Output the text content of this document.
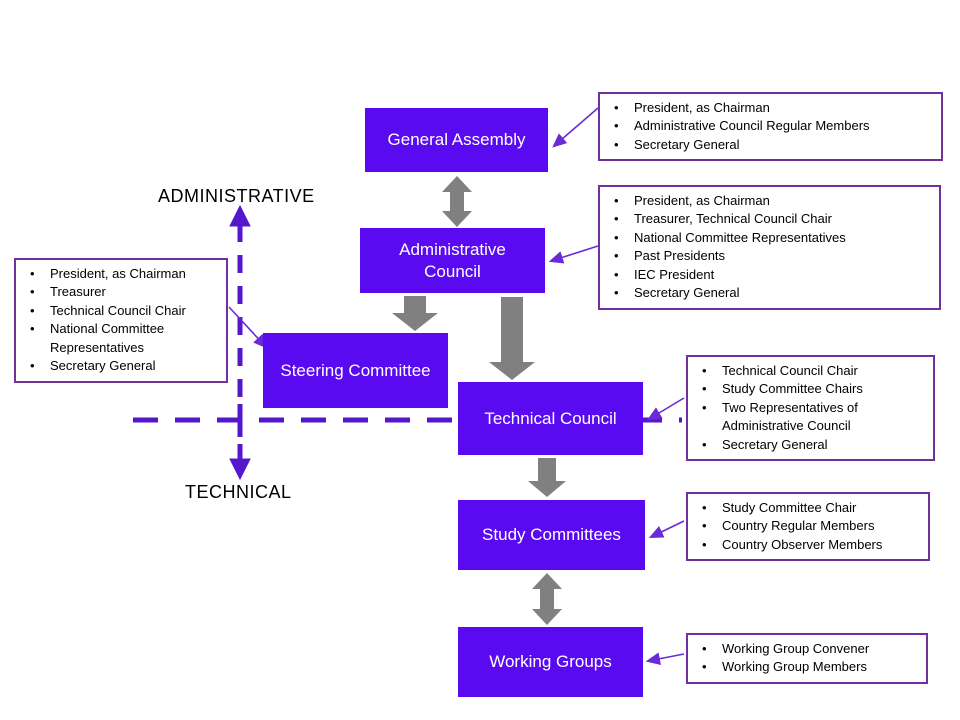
ADMINISTRATIVE
TECHNICAL
General Assembly
Administrative Council
Steering Committee
Technical Council
Study Committees
Working Groups
• President, as Chairman
• Administrative Council Regular Members
• Secretary General
• President, as Chairman
• Treasurer, Technical Council Chair
• National Committee Representatives
• Past Presidents
• IEC President
• Secretary General
• President, as Chairman
• Treasurer
• Technical Council Chair
• National Committee Representatives
• Secretary General	• Technical Council Chair
• Study Committee Chairs
• Two Representatives of Administrative Council
• Secretary General
• Study Committee Chair
• Country Regular Members
• Country Observer Members
• Working Group Convener
• Working Group Members
